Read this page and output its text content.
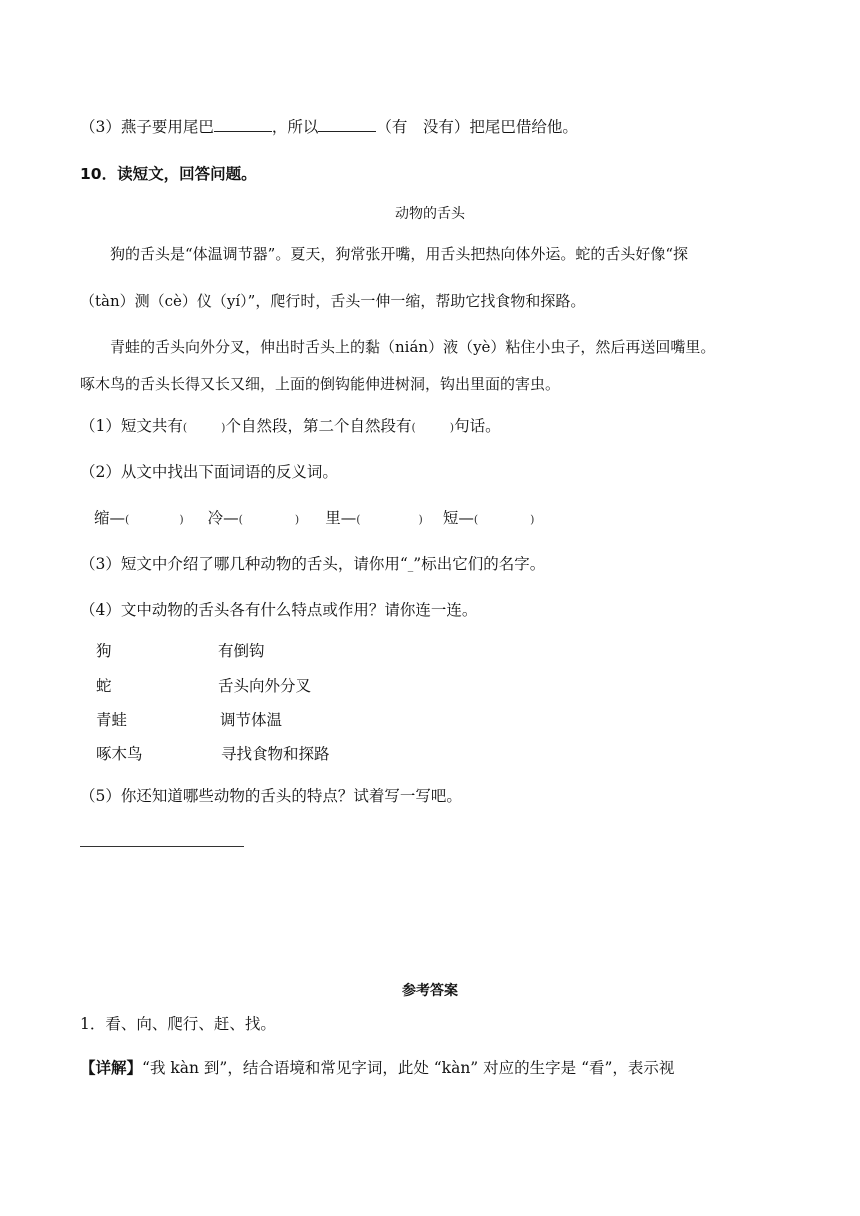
（3）燕子要用尾巴	，所以	（有　没有）把尾巴借给他。
10．读短文，回答问题。
动物的舌头
狗的舌头是“体温调节器”。夏天，狗常张开嘴，用舌头把热向体外运。蛇的舌头好像“探
（tàn）测（cè）仪（yí）”，爬行时，舌头一伸一缩，帮助它找食物和探路。
青蛙的舌头向外分叉，伸出时舌头上的黏（nián）液（yè）粘住小虫子，然后再送回嘴里。
啄木鸟的舌头长得又长又细，上面的倒钩能伸进树洞，钩出里面的害虫。
（1）短文共有(	)个自然段，第二个自然段有(	)句话。
（2）从文中找出下面词语的反义词。
缩—(	) 冷—(	) 里—(	) 短—(	)
（3）短文中介绍了哪几种动物的舌头，请你用“_”标出它们的名字。
（4）文中动物的舌头各有什么特点或作用？请你连一连。
狗	有倒钩
蛇	舌头向外分叉
青蛙	调节体温
啄木鸟	寻找食物和探路
（5）你还知道哪些动物的舌头的特点？试着写一写吧。
参考答案
1．看、向、爬行、赶、找。
【详解】“我 kàn 到”，结合语境和常见字词，此处 “kàn” 对应的生字是 “看”，表示视
